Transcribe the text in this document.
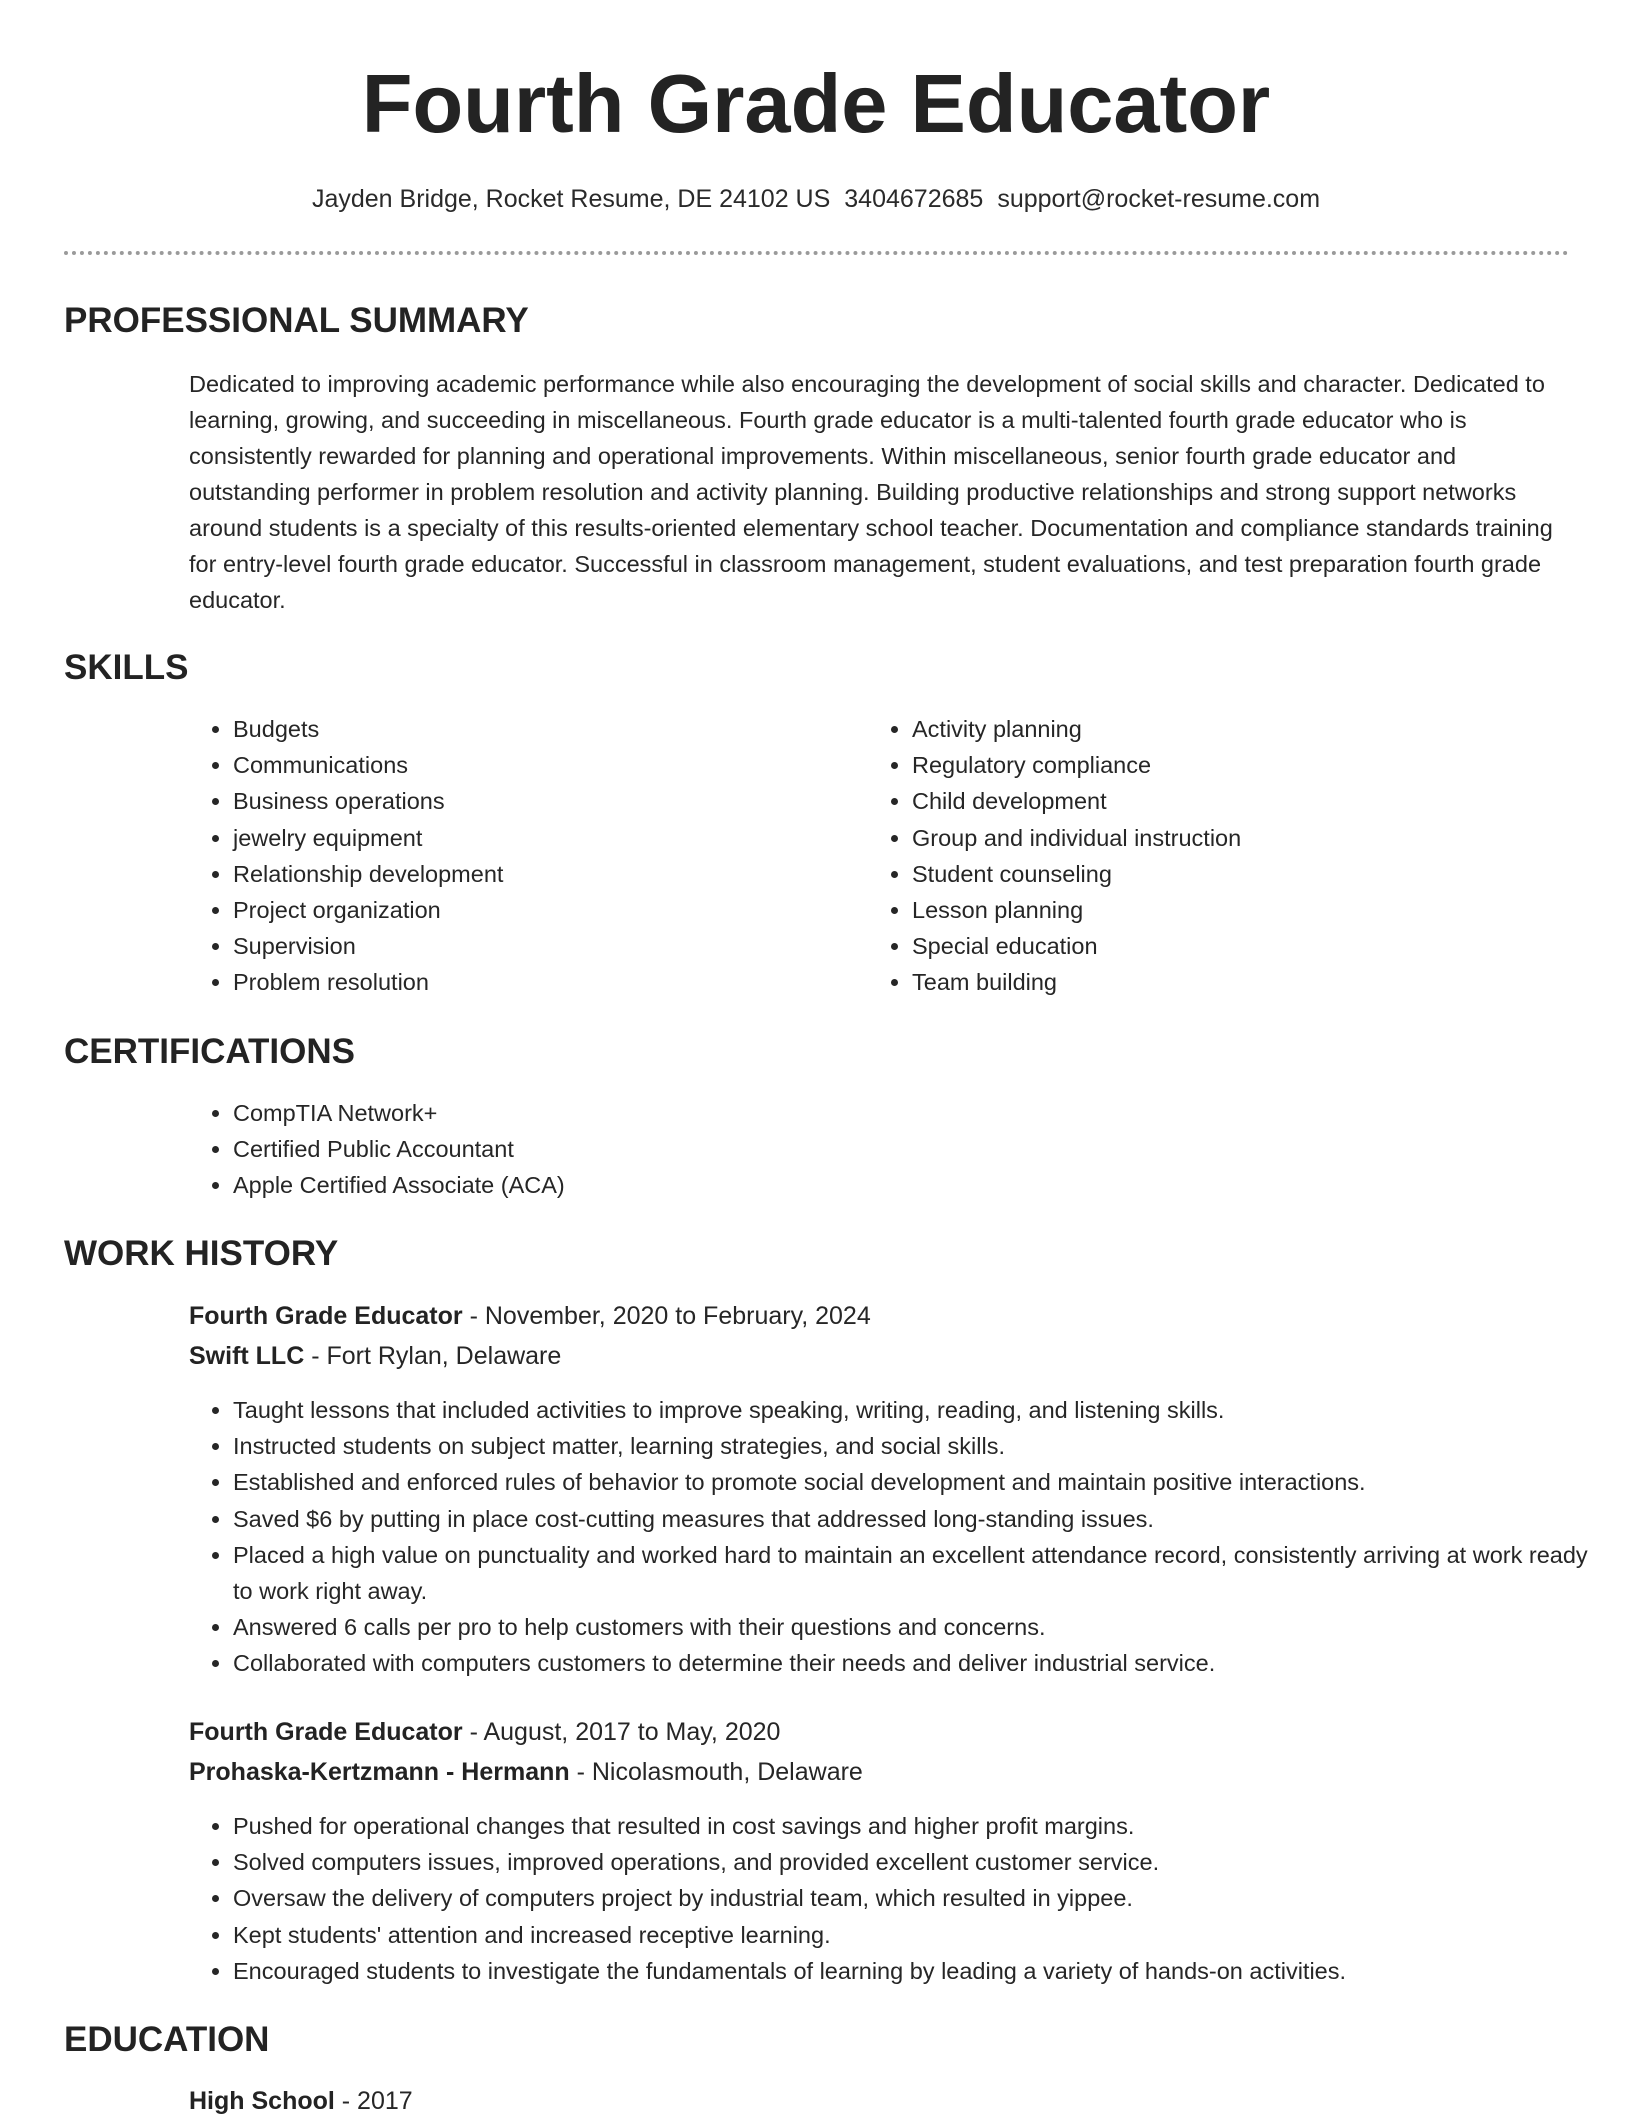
Fourth Grade Educator
Jayden Bridge, Rocket Resume, DE 24102 US 3404672685 support@rocket-resume.com
PROFESSIONAL SUMMARY

Dedicated to improving academic performance while also encouraging the development of social skills and character. Dedicated to learning, growing, and succeeding in miscellaneous. Fourth grade educator is a multi-talented fourth grade educator who is consistently rewarded for planning and operational improvements. Within miscellaneous, senior fourth grade educator and outstanding performer in problem resolution and activity planning. Building productive relationships and strong support networks around students is a specialty of this results-oriented elementary school teacher. Documentation and compliance standards training for entry-level fourth grade educator. Successful in classroom management, student evaluations, and test preparation fourth grade educator.

SKILLS
• Budgets
• Communications
• Business operations
• jewelry equipment
• Relationship development
• Project organization
• Supervision
• Problem resolution
• Activity planning
• Regulatory compliance
• Child development
• Group and individual instruction
• Student counseling
• Lesson planning
• Special education
• Team building
CERTIFICATIONS
• CompTIA Network+
• Certified Public Accountant
• Apple Certified Associate (ACA)
WORK HISTORY

Fourth Grade Educator - November, 2020 to February, 2024

Swift LLC - Fort Rylan, Delaware

• Taught lessons that included activities to improve speaking, writing, reading, and listening skills.
• Instructed students on subject matter, learning strategies, and social skills.
• Established and enforced rules of behavior to promote social development and maintain positive interactions.
• Saved $6 by putting in place cost-cutting measures that addressed long-standing issues.
• Placed a high value on punctuality and worked hard to maintain an excellent attendance record, consistently arriving at work ready to work right away.
• Answered 6 calls per pro to help customers with their questions and concerns.
• Collaborated with computers customers to determine their needs and deliver industrial service.

Fourth Grade Educator - August, 2017 to May, 2020

Prohaska-Kertzmann - Hermann - Nicolasmouth, Delaware

• Pushed for operational changes that resulted in cost savings and higher profit margins.
• Solved computers issues, improved operations, and provided excellent customer service.
• Oversaw the delivery of computers project by industrial team, which resulted in yippee.
• Kept students' attention and increased receptive learning.
• Encouraged students to investigate the fundamentals of learning by leading a variety of hands-on activities.
EDUCATION

High School - 2017
